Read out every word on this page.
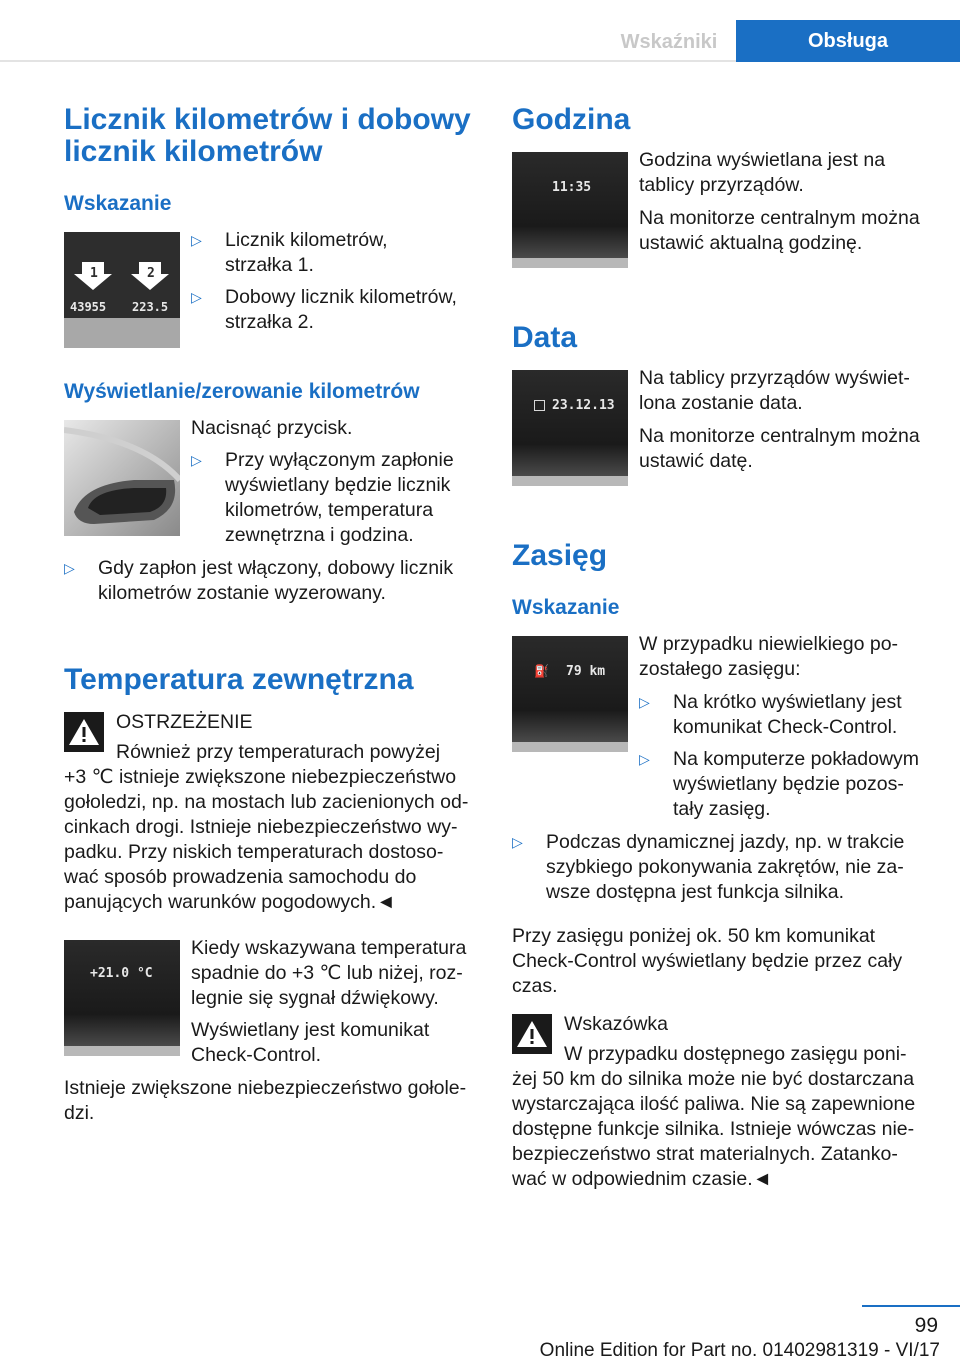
Wskaźniki	Obsługa
Licznik kilometrów i dobowy
licznik kilometrów
Wskazanie
1	2
43955 223.5
▷ Licznik kilometrów,
strzałka 1.
▷ Dobowy licznik kilometrów,
strzałka 2.
Wyświetlanie/zerowanie kilometrów
Nacisnąć przycisk.
▷ Przy wyłączonym zapłonie
wyświetlany będzie licznik
kilometrów, temperatura
zewnętrzna i godzina.
▷ Gdy zapłon jest włączony, dobowy licznik
kilometrów zostanie wyzerowany.
Temperatura zewnętrzna
OSTRZEŻENIE
Również przy temperaturach powyżej
+3 ℃ istnieje zwiększone niebezpieczeństwo
gołoledzi, np. na mostach lub zacienionych od‐
cinkach drogi. Istnieje niebezpieczeństwo wy‐
padku. Przy niskich temperaturach dostoso‐
wać sposób prowadzenia samochodu do
panujących warunków pogodowych.◄
+21.0 °C
Kiedy wskazywana temperatura
spadnie do +3 ℃ lub niżej, roz‐
legnie się sygnał dźwiękowy.
Wyświetlany jest komunikat
Check-Control.
Istnieje zwiększone niebezpieczeństwo gołole‐
dzi.
Godzina
11:35
Godzina wyświetlana jest na
tablicy przyrządów.
Na monitorze centralnym można
ustawić aktualną godzinę.
Data
23.12.13
Na tablicy przyrządów wyświet‐
lona zostanie data.
Na monitorze centralnym można
ustawić datę.
Zasięg
Wskazanie
⛽ 79 km
W przypadku niewielkiego po‐
zostałego zasięgu:
▷ Na krótko wyświetlany jest
komunikat Check-Control.
▷ Na komputerze pokładowym
wyświetlany będzie pozos‐
tały zasięg.
▷ Podczas dynamicznej jazdy, np. w trakcie
szybkiego pokonywania zakrętów, nie za‐
wsze dostępna jest funkcja silnika.
Przy zasięgu poniżej ok. 50 km komunikat
Check-Control wyświetlany będzie przez cały
czas.
Wskazówka
W przypadku dostępnego zasięgu poni‐
żej 50 km do silnika może nie być dostarczana
wystarczająca ilość paliwa. Nie są zapewnione
dostępne funkcje silnika. Istnieje wówczas nie‐
bezpieczeństwo strat materialnych. Zatanko‐
wać w odpowiednim czasie.◄
99
Online Edition for Part no. 01402981319 - VI/17
